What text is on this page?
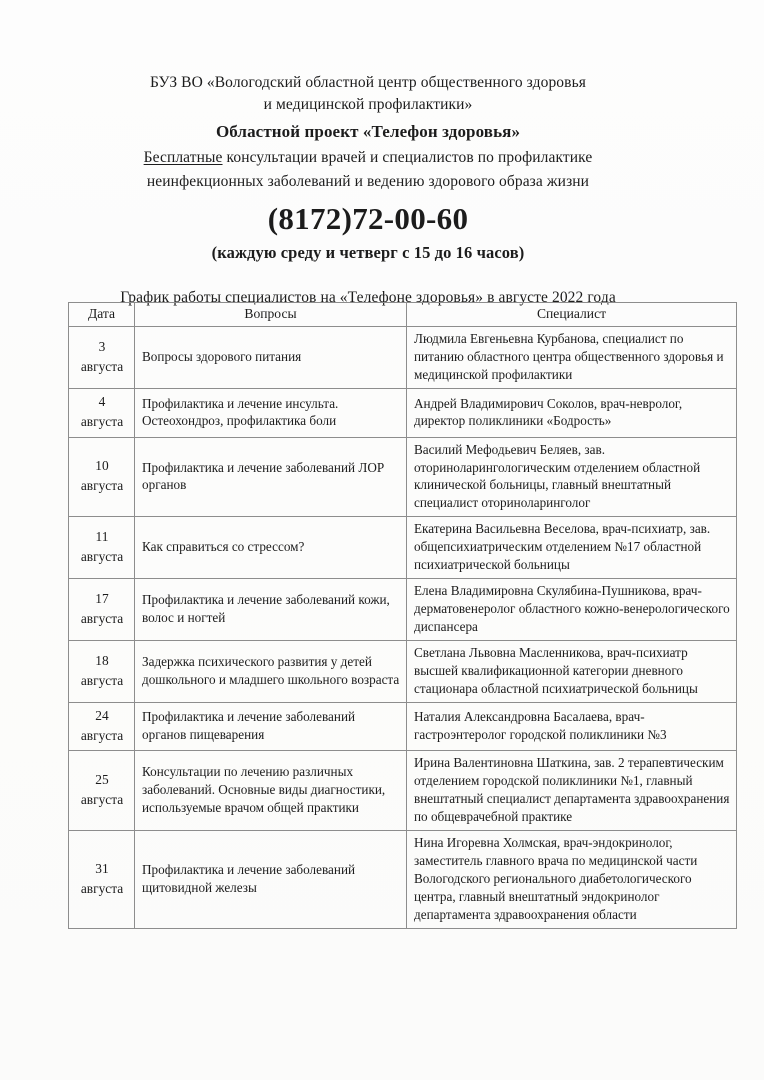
БУЗ ВО «Вологодский областной центр общественного здоровья
и медицинской профилактики»
Областной проект «Телефон здоровья»
Бесплатные консультации врачей и специалистов по профилактике
неинфекционных заболеваний и ведению здорового образа жизни
(8172)72-00-60
(каждую среду и четверг с 15 до 16 часов)
График работы специалистов на «Телефоне здоровья» в августе 2022 года
Дата	Вопросы	Специалист

3
августа	Вопросы здорового питания	Людмила Евгеньевна Курбанова, специалист по питанию областного центра общественного здоровья и медицинской профилактики

4
августа	Профилактика и лечение инсульта. Остеохондроз, профилактика боли	Андрей Владимирович Соколов, врач-невролог, директор поликлиники «Бодрость»

10
августа	Профилактика и лечение заболеваний ЛОР органов	Василий Мефодьевич Беляев, зав. оториноларингологическим отделением областной клинической больницы, главный внештатный специалист оториноларинголог

11
августа	Как справиться со стрессом?	Екатерина Васильевна Веселова, врач-психиатр, зав. общепсихиатрическим отделением №17 областной психиатрической больницы

17
августа	Профилактика и лечение заболеваний кожи, волос и ногтей	Елена Владимировна Скулябина-Пушникова, врач-дерматовенеролог областного кожно-венерологического диспансера

18
августа	Задержка психического развития у детей дошкольного и младшего школьного возраста	Светлана Львовна Масленникова, врач-психиатр высшей квалификационной категории дневного стационара областной психиатрической больницы

24
августа	Профилактика и лечение заболеваний органов пищеварения	Наталия Александровна Басалаева, врач-гастроэнтеролог городской поликлиники №3

25
августа	Консультации по лечению различных заболеваний. Основные виды диагностики, используемые врачом общей практики	Ирина Валентиновна Шаткина, зав. 2 терапевтическим отделением городской поликлиники №1, главный внештатный специалист департамента здравоохранения по общеврачебной практике

31
августа	Профилактика и лечение заболеваний щитовидной железы	Нина Игоревна Холмская, врач-эндокринолог, заместитель главного врача по медицинской части Вологодского регионального диабетологического центра, главный внештатный эндокринолог департамента здравоохранения области
